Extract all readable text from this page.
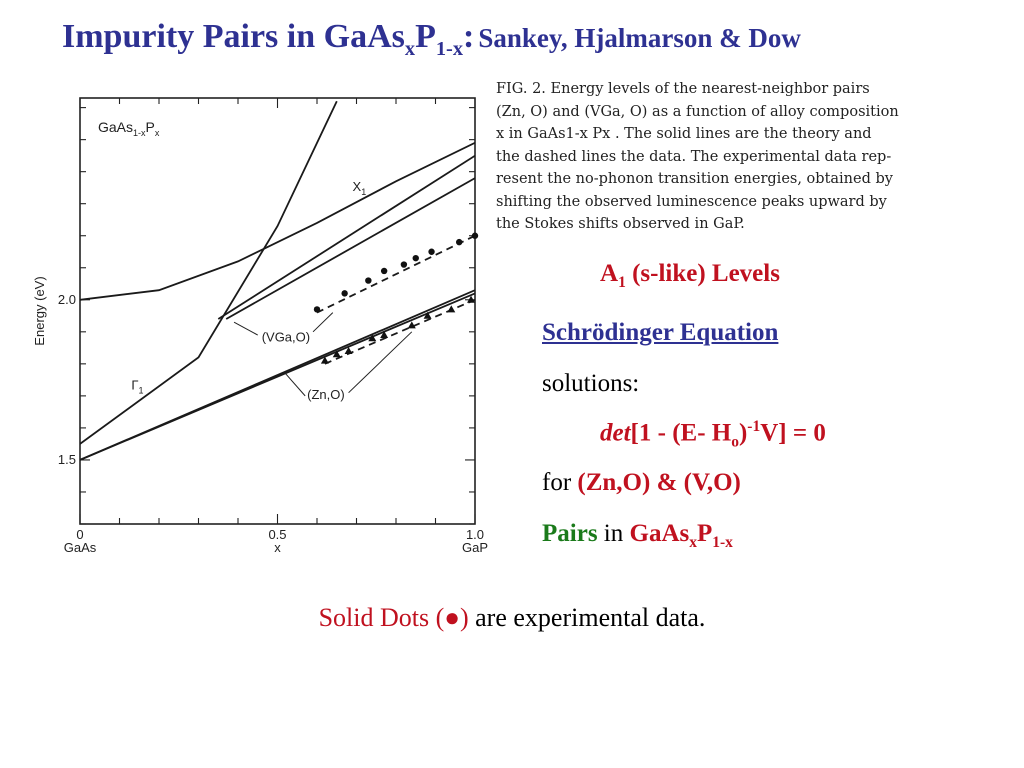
Impurity Pairs in $GaAs_xP_{1-x}$: Sankey, Hjalmarson & Dow
0
GaAs
0.5	1.0
GaP
x
1.5
2.0
Energy (eV)
$GaAs_{1-x}P_x$
$\Gamma_1$
$X_1$
(VGa,O)
(Zn,O)
FIG. 2. Energy levels of the nearest-neighbor pairs
(Zn, O) and (VGa, O) as a function of alloy composition
x in GaAs1-x Px . The solid lines are the theory and
the dashed lines the data. The experimental data rep-
resent the no-phonon transition energies, obtained by
shifting the observed luminescence peaks upward by
the Stokes shifts observed in GaP.
$A_1$ (s-like) Levels
Schrödinger Equation
solutions:
det[1 - (E- $H_o)^{-1}V] = 0$
for (Zn,O) & (V,O)
Pairs in $GaAs_xP_{1-x}$
Solid Dots (●) are experimental data.
